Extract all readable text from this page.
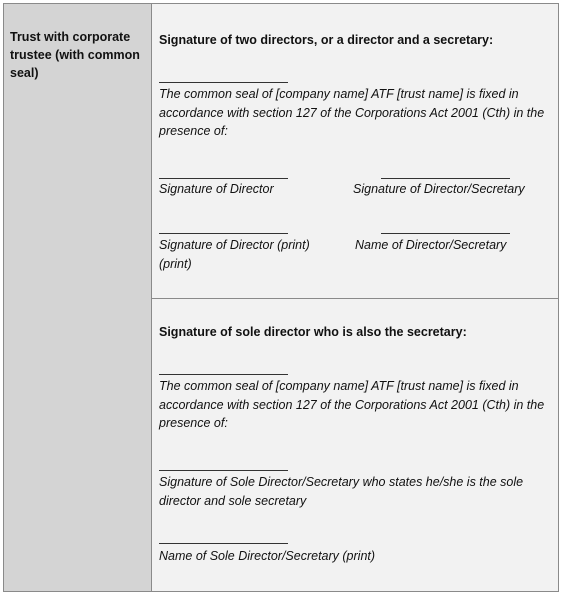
Trust with corporate trustee (with common seal)

Signature of two directors, or a director and a secretary:

The common seal of [company name] ATF [trust name] is fixed in accordance with section 127 of the Corporations Act 2001 (Cth) in the presence of:

Signature of Director	Signature of Director/Secretary

Signature of Director (print) (print)

Name of Director/Secretary

Signature of sole director who is also the secretary:

The common seal of [company name] ATF [trust name] is fixed in accordance with section 127 of the Corporations Act 2001 (Cth) in the presence of:

Signature of Sole Director/Secretary who states he/she is the sole director and sole secretary

Name of Sole Director/Secretary (print)
